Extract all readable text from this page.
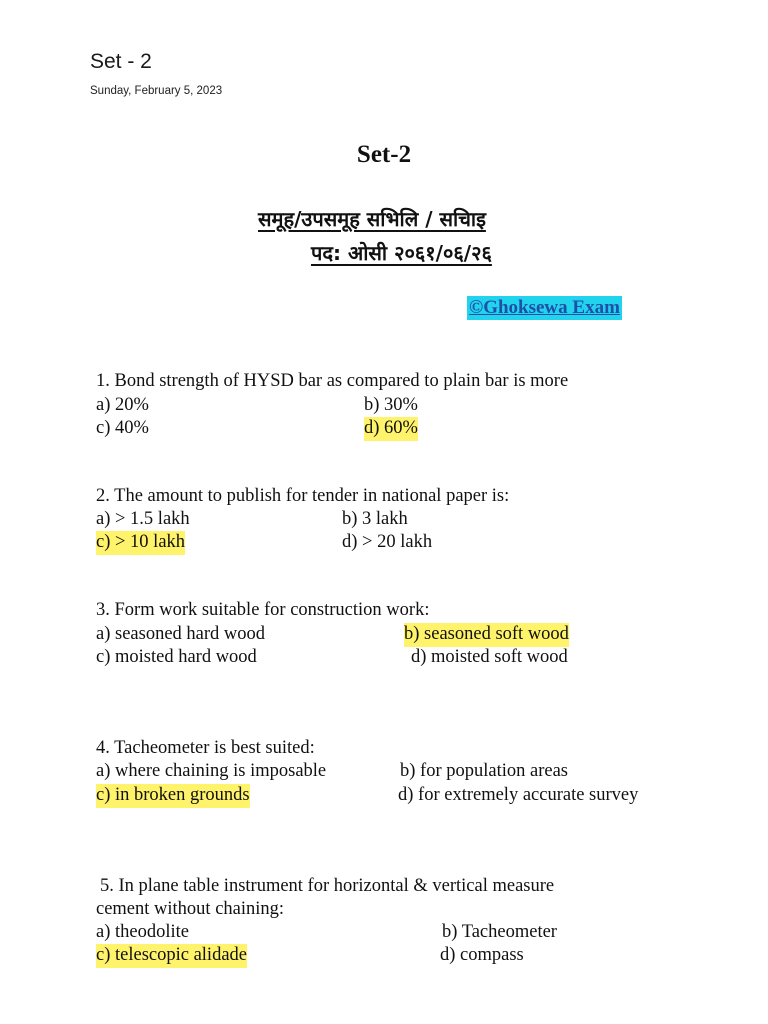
Set - 2
Sunday, February 5, 2023
Set-2
समूह/उपसमूह सभिलि / सचिाइ
पद: ओसी २०६१/०६/२६
©Ghoksewa Exam
1. Bond strength of HYSD bar as compared to plain bar is more
a) 20%	b) 30%
c) 40%	d) 60%
2. The amount to publish for tender in national paper is:
a) > 1.5 lakh	b) 3 lakh
c) > 10 lakh	d) > 20 lakh
3. Form work suitable for construction work:
a) seasoned hard wood	b) seasoned soft wood
c) moisted hard wood	d) moisted soft wood
4. Tacheometer is best suited:
a) where chaining is imposable	b) for population areas
c) in broken grounds	d) for extremely accurate survey
5. In plane table instrument for horizontal & vertical measure
cement without chaining:
a) theodolite	b) Tacheometer
c) telescopic alidade	d) compass
